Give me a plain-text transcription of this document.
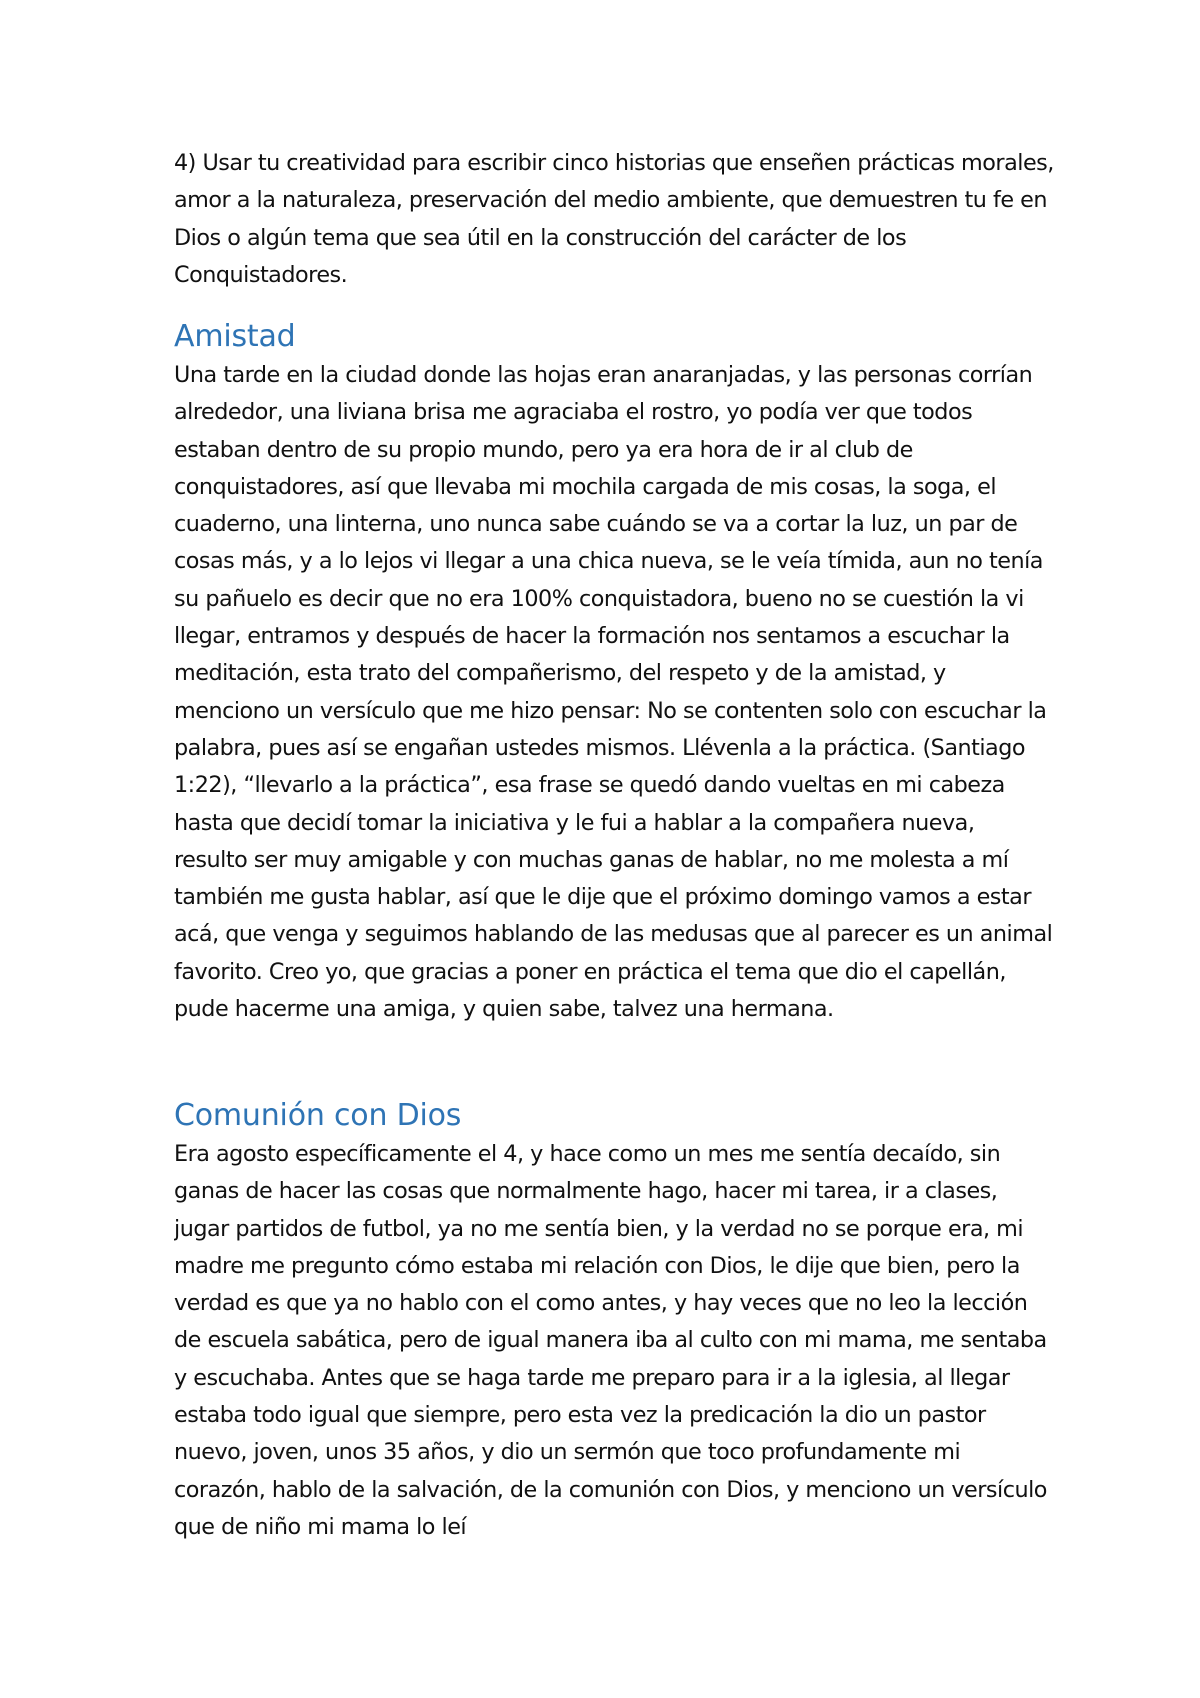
4) Usar tu creatividad para escribir cinco historias que enseñen prácticas morales, amor a la naturaleza, preservación del medio ambiente, que demuestren tu fe en Dios o algún tema que sea útil en la construcción del carácter de los Conquistadores.

Amistad

Una tarde en la ciudad donde las hojas eran anaranjadas, y las personas corrían alrededor, una liviana brisa me agraciaba el rostro, yo podía ver que todos estaban dentro de su propio mundo, pero ya era hora de ir al club de conquistadores, así que llevaba mi mochila cargada de mis cosas, la soga, el cuaderno, una linterna, uno nunca sabe cuándo se va a cortar la luz, un par de cosas más, y a lo lejos vi llegar a una chica nueva, se le veía tímida, aun no tenía su pañuelo es decir que no era 100% conquistadora, bueno no se cuestión la vi llegar, entramos y después de hacer la formación nos sentamos a escuchar la meditación, esta trato del compañerismo, del respeto y de la amistad, y menciono un versículo que me hizo pensar: No se contenten solo con escuchar la palabra, pues así se engañan ustedes mismos. Llévenla a la práctica. (Santiago 1:22), “llevarlo a la práctica”, esa frase se quedó dando vueltas en mi cabeza hasta que decidí tomar la iniciativa y le fui a hablar a la compañera nueva, resulto ser muy amigable y con muchas ganas de hablar, no me molesta a mí también me gusta hablar, así que le dije que el próximo domingo vamos a estar acá, que venga y seguimos hablando de las medusas que al parecer es un animal favorito. Creo yo, que gracias a poner en práctica el tema que dio el capellán, pude hacerme una amiga, y quien sabe, talvez una hermana.

Comunión con Dios

Era agosto específicamente el 4, y hace como un mes me sentía decaído, sin ganas de hacer las cosas que normalmente hago, hacer mi tarea, ir a clases, jugar partidos de futbol, ya no me sentía bien, y la verdad no se porque era, mi madre me pregunto cómo estaba mi relación con Dios, le dije que bien, pero la verdad es que ya no hablo con el como antes, y hay veces que no leo la lección de escuela sabática, pero de igual manera iba al culto con mi mama, me sentaba y escuchaba. Antes que se haga tarde me preparo para ir a la iglesia, al llegar estaba todo igual que siempre, pero esta vez la predicación la dio un pastor nuevo, joven, unos 35 años, y dio un sermón que toco profundamente mi corazón, hablo de la salvación, de la comunión con Dios, y menciono un versículo que de niño mi mama lo leí
